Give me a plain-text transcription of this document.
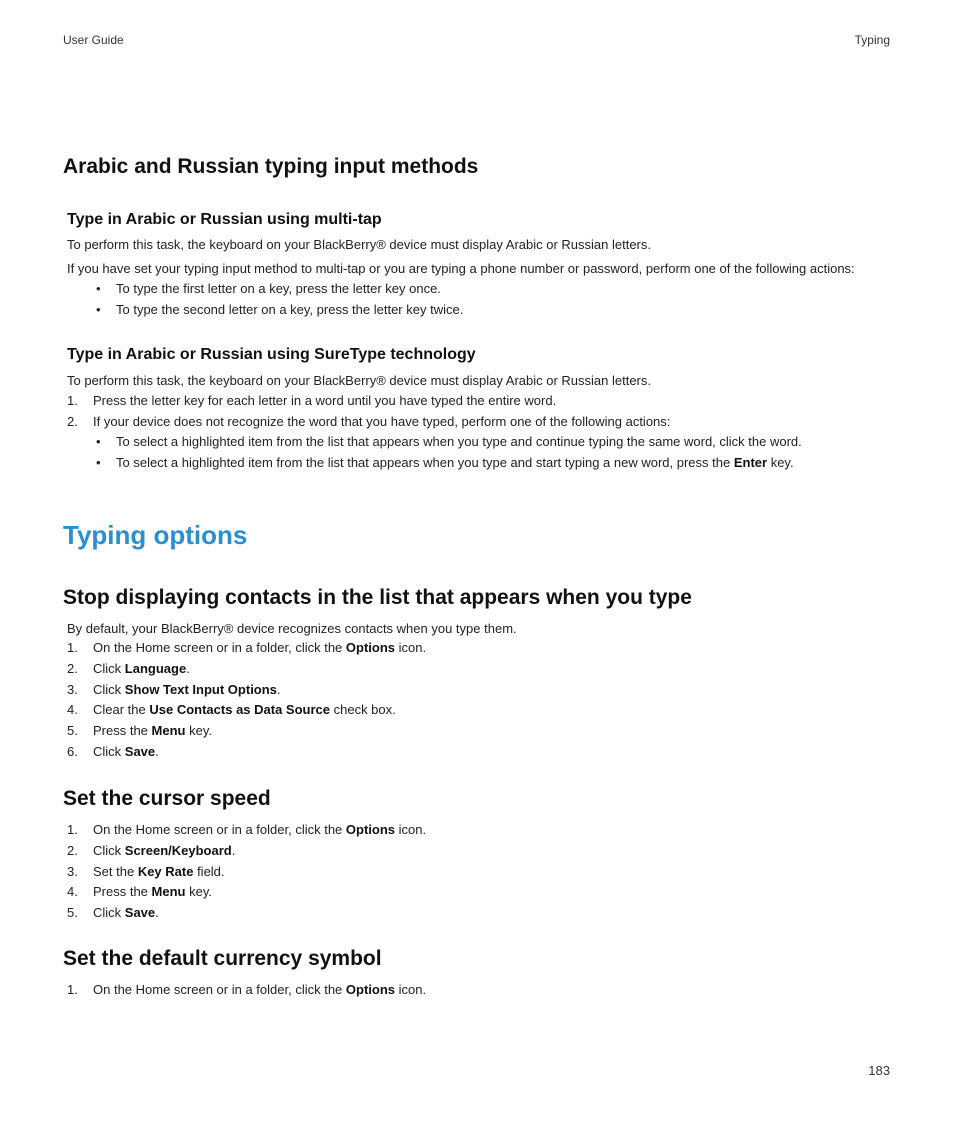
User Guide	Typing
Arabic and Russian typing input methods
Type in Arabic or Russian using multi-tap
To perform this task, the keyboard on your BlackBerry® device must display Arabic or Russian letters.
If you have set your typing input method to multi-tap or you are typing a phone number or password, perform one of the following actions:
• To type the first letter on a key, press the letter key once.
• To type the second letter on a key, press the letter key twice.
Type in Arabic or Russian using SureType technology
To perform this task, the keyboard on your BlackBerry® device must display Arabic or Russian letters.
1.	Press the letter key for each letter in a word until you have typed the entire word.
2.	If your device does not recognize the word that you have typed, perform one of the following actions:
• To select a highlighted item from the list that appears when you type and continue typing the same word, click the word.
• To select a highlighted item from the list that appears when you type and start typing a new word, press the Enter key.
Typing options
Stop displaying contacts in the list that appears when you type
By default, your BlackBerry® device recognizes contacts when you type them.
1.	On the Home screen or in a folder, click the Options icon.
2.	Click Language.
3.	Click Show Text Input Options.
4.	Clear the Use Contacts as Data Source check box.
5.	Press the Menu key.
6.	Click Save.
Set the cursor speed
1.	On the Home screen or in a folder, click the Options icon.
2.	Click Screen/Keyboard.
3.	Set the Key Rate field.
4.	Press the Menu key.
5.	Click Save.
Set the default currency symbol
1.	On the Home screen or in a folder, click the Options icon.
183
